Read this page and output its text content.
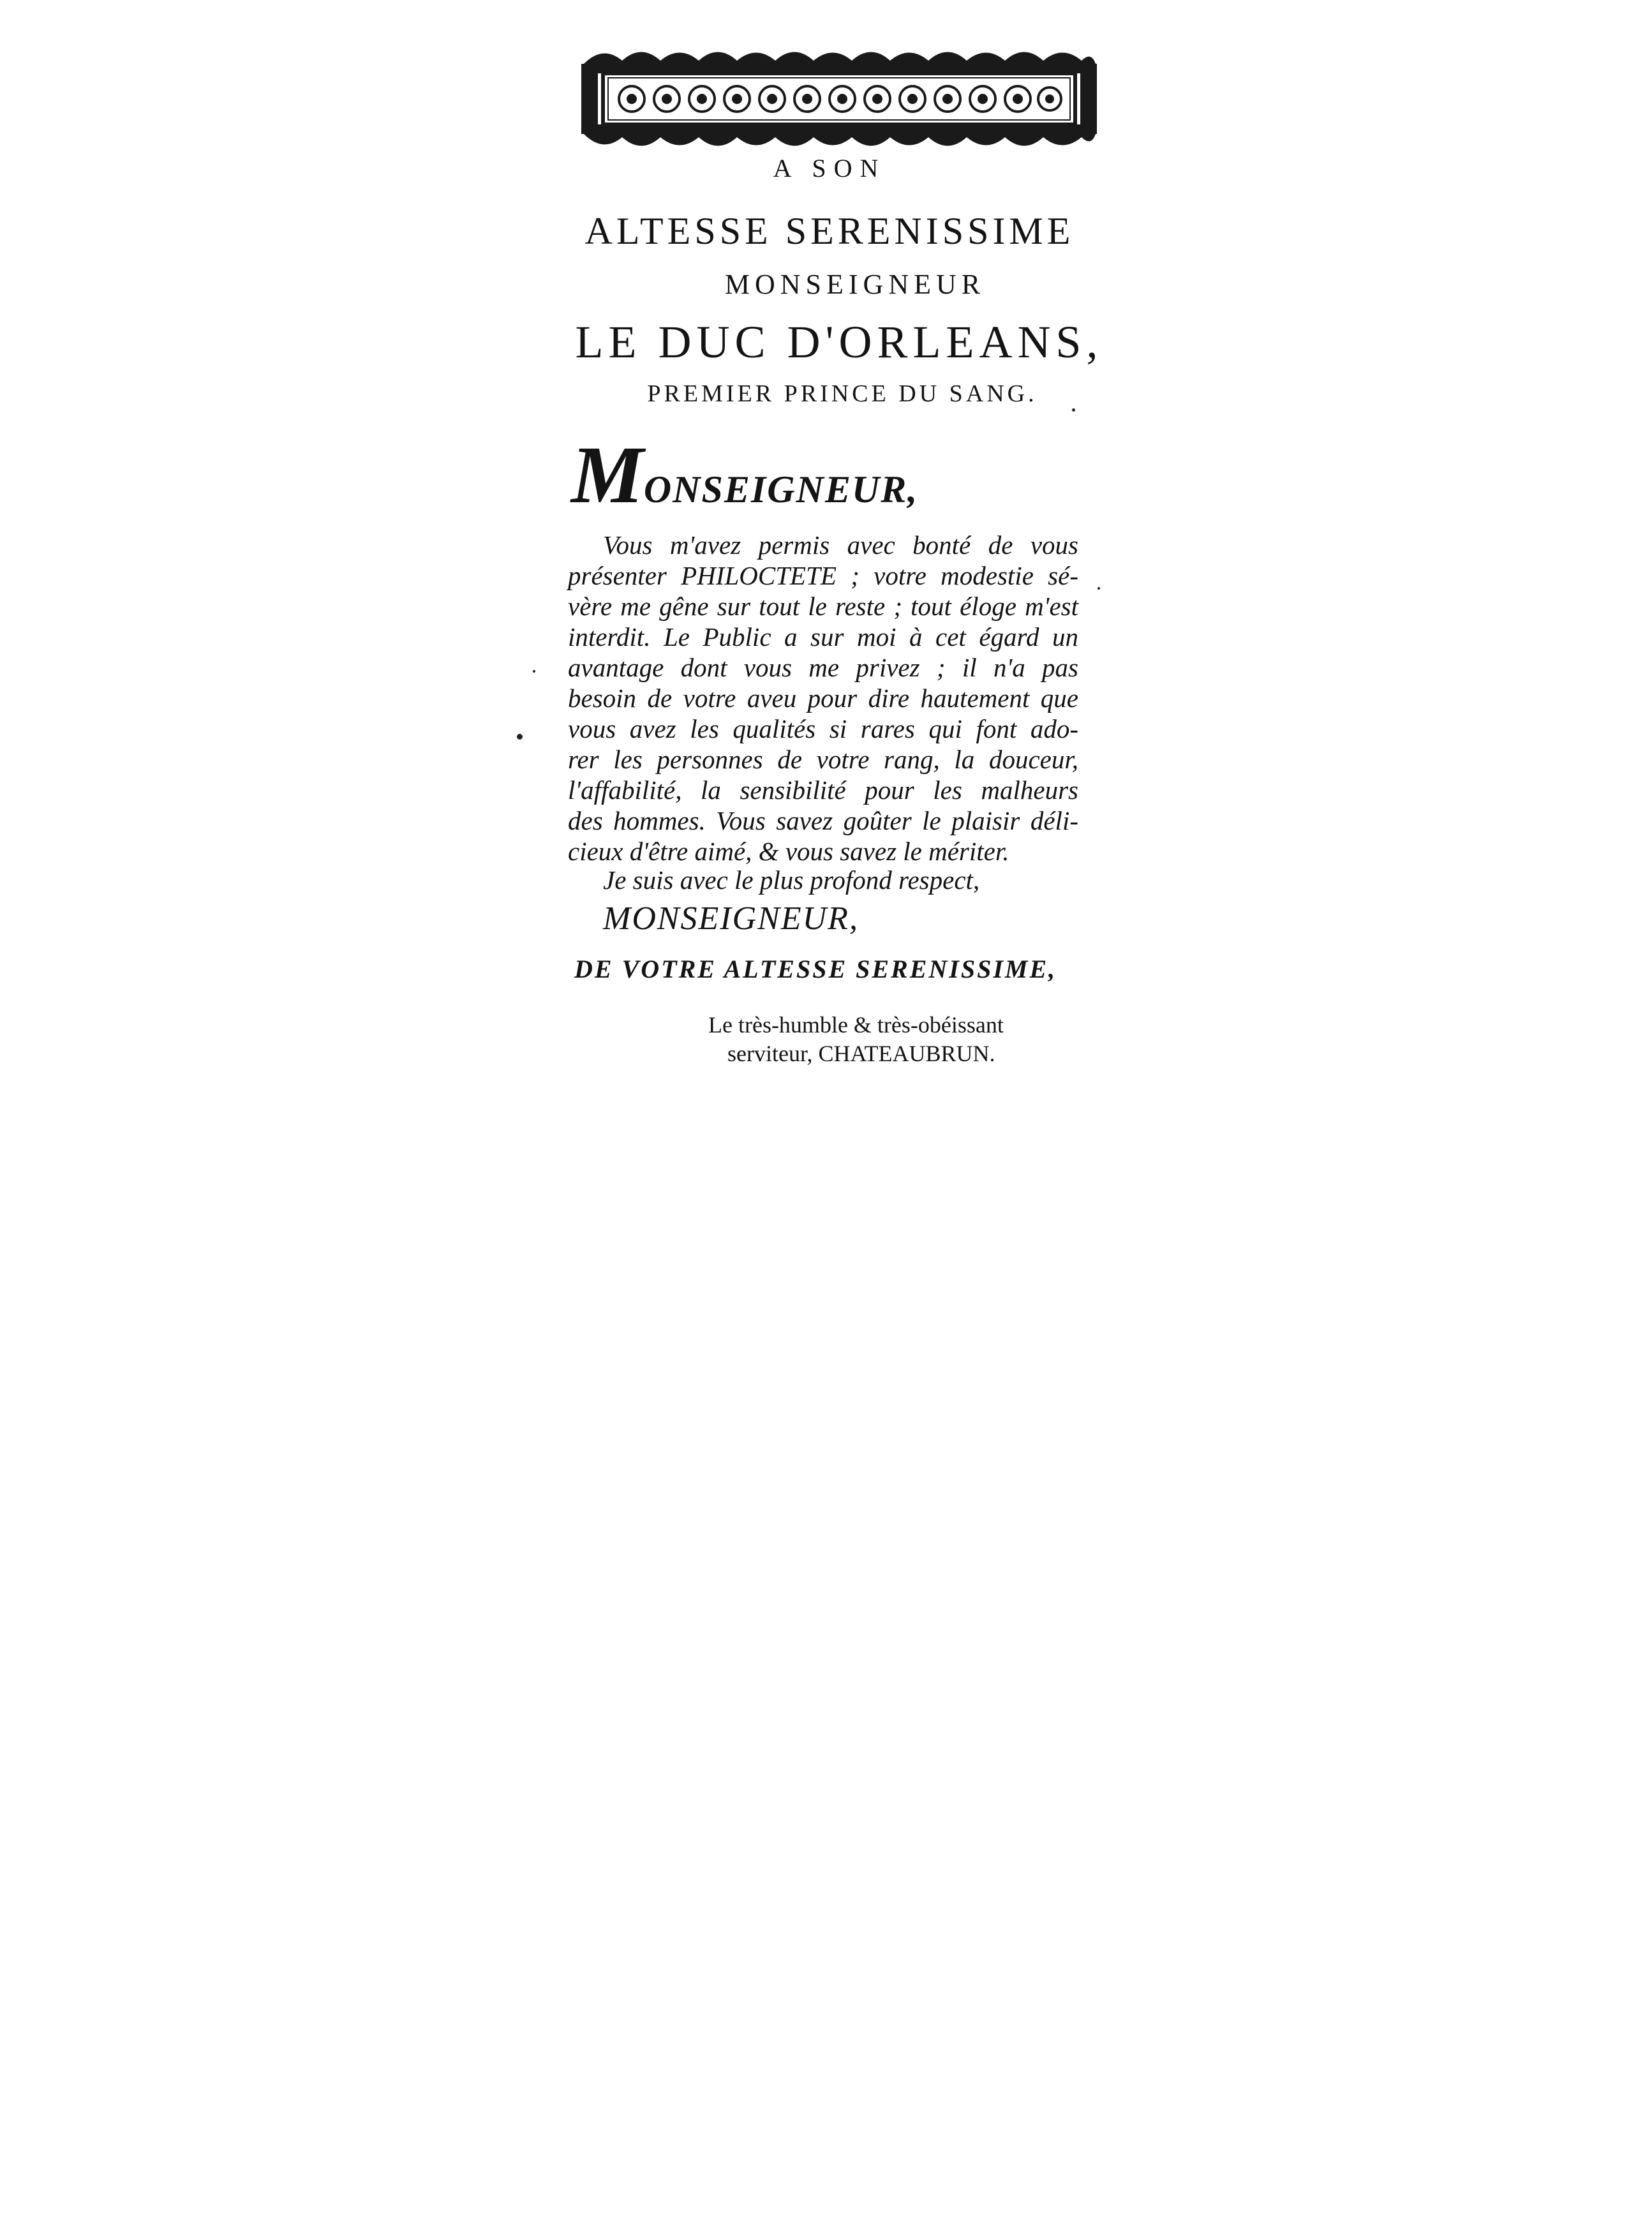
A SON
ALTESSE SERENISSIME
MONSEIGNEUR
LE DUC D'ORLEANS,
PREMIER PRINCE DU SANG.
MONSEIGNEUR,
Vous m'avez permis avec bonté de vous
présenter PHILOCTETE ; votre modestie sé-
vère me gêne sur tout le reste ; tout éloge m'est
interdit. Le Public a sur moi à cet égard un
avantage dont vous me privez ; il n'a pas
besoin de votre aveu pour dire hautement que
vous avez les qualités si rares qui font ado-
rer les personnes de votre rang, la douceur,
l'affabilité, la sensibilité pour les malheurs
des hommes. Vous savez goûter le plaisir déli-
cieux d'être aimé, & vous savez le mériter.
Je suis avec le plus profond respect,
MONSEIGNEUR,
DE VOTRE ALTESSE SERENISSIME,
Le très-humble & très-obéissant
serviteur, CHATEAUBRUN.
